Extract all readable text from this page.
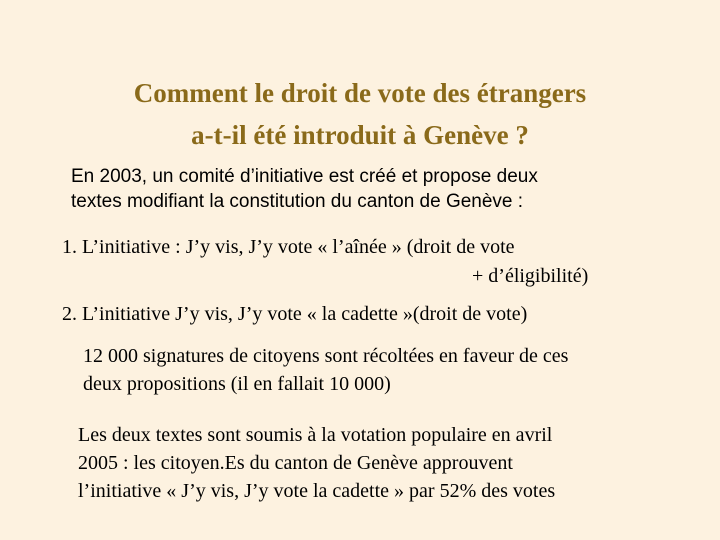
Comment le droit de vote des étrangers
a-t-il été introduit à Genève ?

En 2003, un comité d’initiative est créé et propose deux
textes modifiant la constitution du canton de Genève :

1. L’initiative : J’y vis, J’y vote « l’aînée » (droit de vote
+ d’éligibilité)

2. L’initiative J’y vis, J’y vote « la cadette »(droit de vote)

12 000 signatures de citoyens sont récoltées en faveur de ces
deux propositions (il en fallait 10 000)

Les deux textes sont soumis à la votation populaire en avril
2005 : les citoyen.Es du canton de Genève approuvent
l’initiative « J’y vis, J’y vote la cadette » par 52% des votes
